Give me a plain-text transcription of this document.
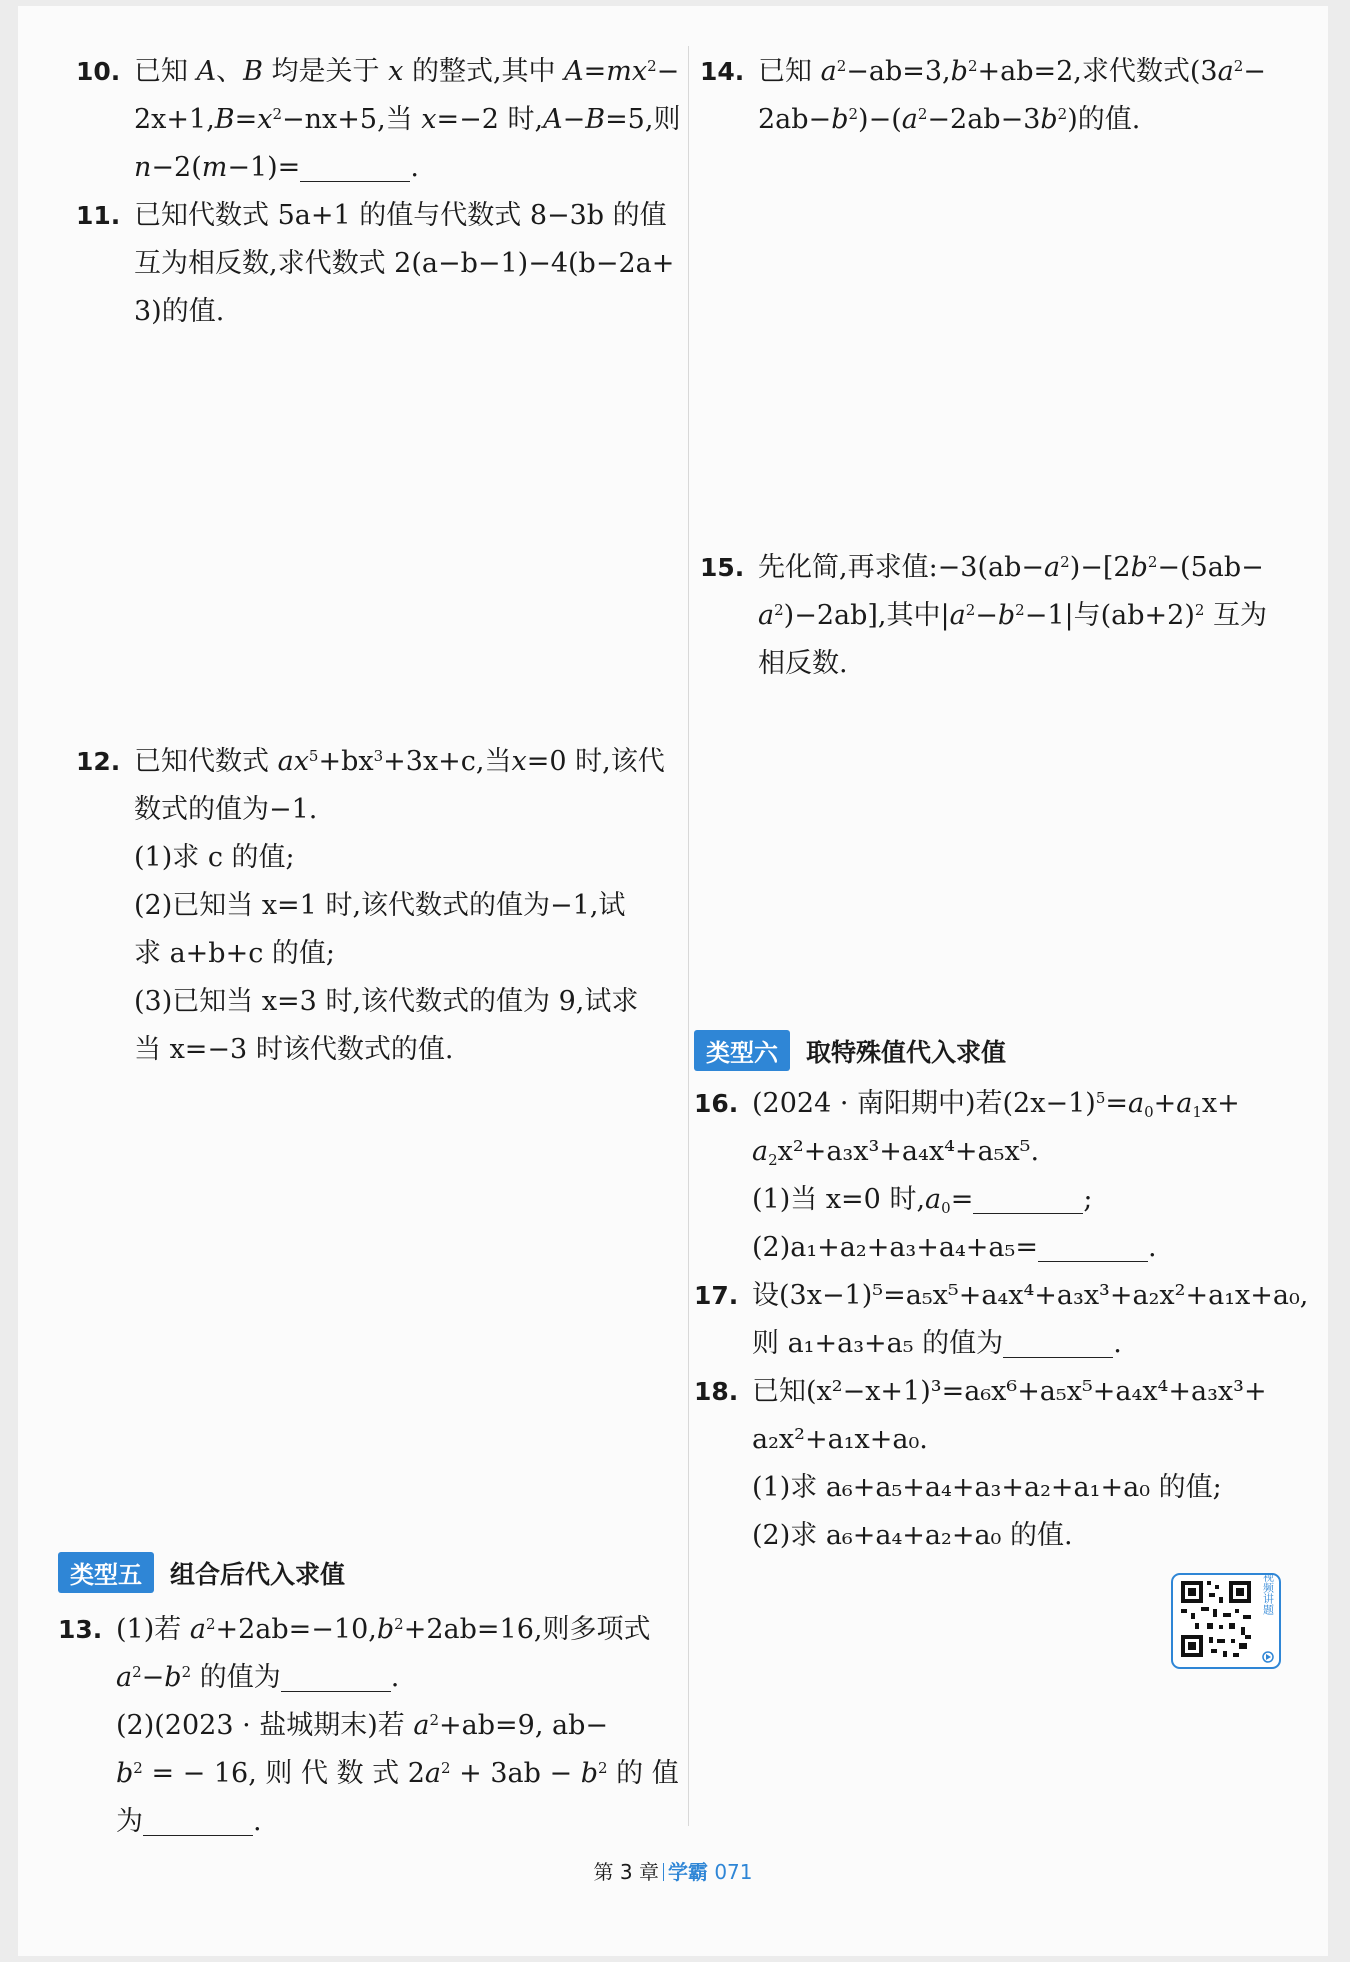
10. 已知 A、B 均是关于 x 的整式,其中 $A=mx^2-$
$2x+1,B=x^2-nx+5$,当 x=−2 时,A−B=5,则
n−2(m−1)=	.
11. 已知代数式 5a+1 的值与代数式 8−3b 的值
互为相反数,求代数式 2(a−b−1)−4(b−2a+
3)的值.
12. 已知代数式 $ax^5+bx^3+3x+c$,当x=0 时,该代
数式的值为−1.
(1)求 c 的值;
(2)已知当 x=1 时,该代数式的值为−1,试
求 a+b+c 的值;
(3)已知当 x=3 时,该代数式的值为 9,试求
当 x=−3 时该代数式的值.
类型五	组合后代入求值
13. (1)若 $a^2+2ab=-10,b^2+2ab=16$,则多项式
$a^2-b^2$ 的值为	.
(2)(2023 · 盐城期末)若 $a^2+ab=9$, ab−
$b^2$ = − 16, 则 代 数 式 $2a^2 + 3ab - b^2$ 的 值
为	.
14. 已知 $a^2-ab=3,b^2+ab=2$,求代数式($3a^2-$
$2ab-b^2)-(a^2-2ab-3b^2)$的值.
15. 先化简,再求值$:-3(ab-a^2)-[2b^2-(5ab-$
$a^2)-2ab$],其中$|a^2-b^2-1|$与$(ab+2)^2$ 互为
相反数.
类型六	取特殊值代入求值
16. (2024 · 南阳期中)若$(2x-1)^5=a_0+a_1x+$
$a_2x^2+a_3x^3+a_4x^4+a_5x^5$.
(1)当 x=0 时$,a_0=$	;
(2)a₁+a₂+a₃+a₄+a₅=	.
17. 设(3x−1)⁵=a₅x⁵+a₄x⁴+a₃x³+a₂x²+a₁x+a₀,
则 a₁+a₃+a₅ 的值为	.
18. 已知(x²−x+1)³=a₆x⁶+a₅x⁵+a₄x⁴+a₃x³+
a₂x²+a₁x+a₀.
(1)求 a₆+a₅+a₄+a₃+a₂+a₁+a₀ 的值;
(2)求 a₆+a₄+a₂+a₀ 的值.
视频讲题
第 3 章 学霸 071
